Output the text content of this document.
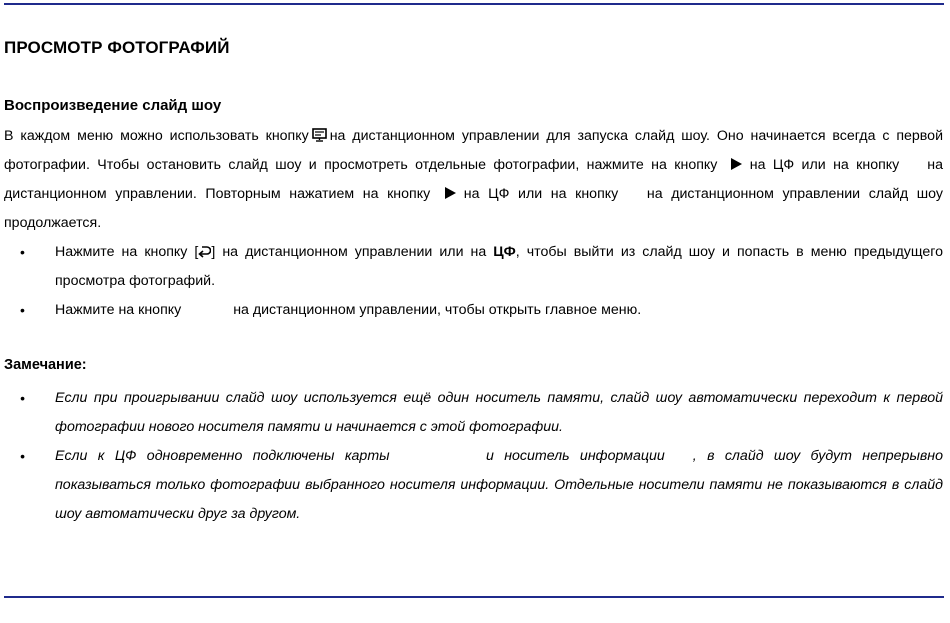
ПРОСМОТР ФОТОГРАФИЙ
Воспроизведение слайд шоу

В каждом меню можно использовать кнопку на дистанционном управлении для запуска слайд шоу. Оно начинается всегда с первой фотографии. Чтобы остановить слайд шоу и просмотреть отдельные фотографии, нажмите на кнопку на ЦФ или на кнопку на дистанционном управлении. Повторным нажатием на кнопку на ЦФ или на кнопку на дистанционном управлении слайд шоу продолжается.

• Нажмите на кнопку [ ] на дистанционном управлении или на ЦФ, чтобы выйти из слайд шоу и попасть в меню предыдущего просмотра фотографий.
• Нажмите на кнопку	на дистанционном управлении, чтобы открыть главное меню.
Замечание:
• Если при проигрывании слайд шоу используется ещё один носитель памяти, слайд шоу автоматически переходит к первой фотографии нового носителя памяти и начинается с этой фотографии.
• Если к ЦФ одновременно подключены карты	и носитель информации , в слайд шоу будут непрерывно показываться только фотографии выбранного носителя информации. Отдельные носители памяти не показываются в слайд шоу автоматически друг за другом.
